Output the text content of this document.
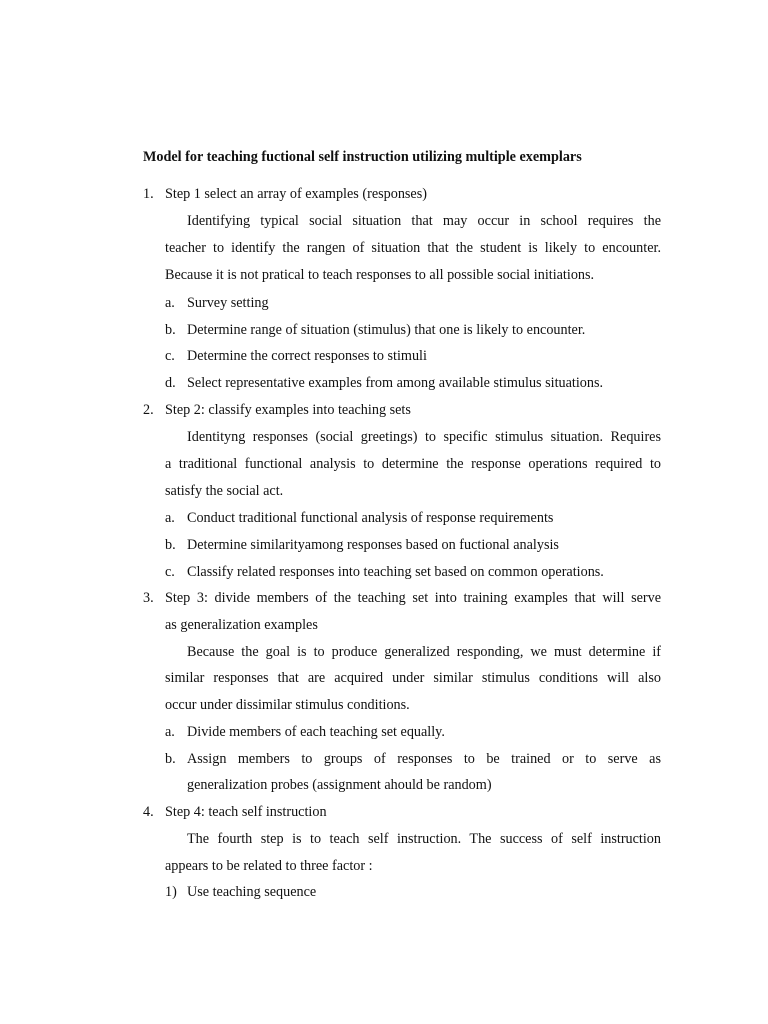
Model for teaching fuctional self instruction utilizing multiple exemplars
1. Step 1 select an array of examples (responses)
Identifying typical social situation that may occur in school requires the
teacher to identify the rangen of situation that the student is likely to encounter.
Because it is not pratical to teach responses to all possible social initiations.
a. Survey setting
b. Determine range of situation (stimulus) that one is likely to encounter.
c. Determine the correct responses to stimuli
d. Select representative examples from among available stimulus situations.
2. Step 2: classify examples into teaching sets
Identityng responses (social greetings) to specific stimulus situation. Requires
a traditional functional analysis to determine the response operations required to
satisfy the social act.
a. Conduct traditional functional analysis of response requirements
b. Determine similarityamong responses based on fuctional analysis
c. Classify related responses into teaching set based on common operations.
3. Step 3: divide members of the teaching set into training examples that will serve
as generalization examples
Because the goal is to produce generalized responding, we must determine if
similar responses that are acquired under similar stimulus conditions will also
occur under dissimilar stimulus conditions.
a. Divide members of each teaching set equally.
b. Assign members to groups of responses to be trained or to serve as
generalization probes (assignment ahould be random)
4. Step 4: teach self instruction
The fourth step is to teach self instruction. The success of self instruction
appears to be related to three factor :
1) Use teaching sequence
